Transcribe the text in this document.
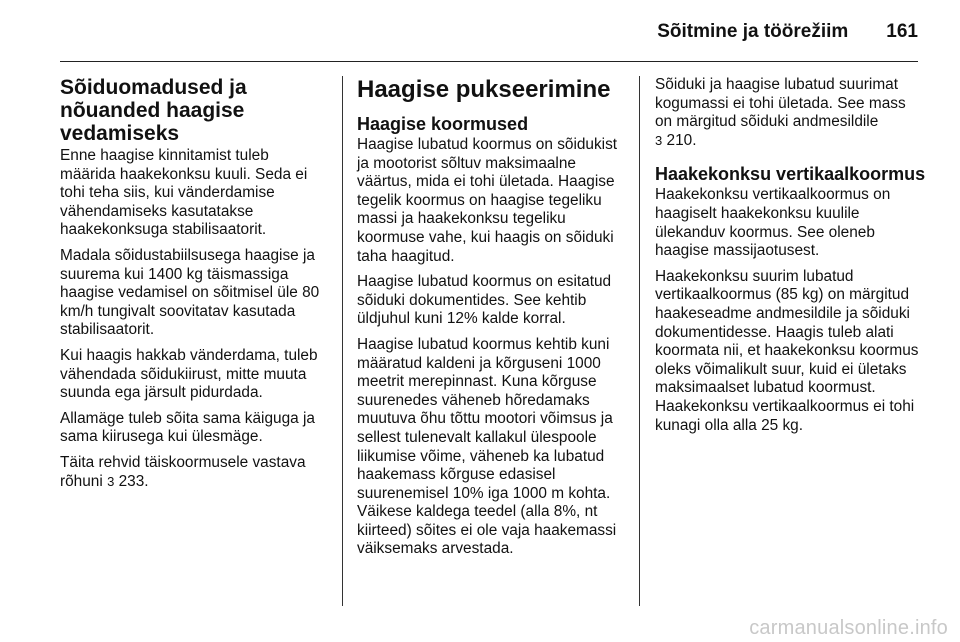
Sõitmine ja töörežiim 161
Sõiduomadused ja nõuanded haagise vedamiseks

Enne haagise kinnitamist tuleb määrida haakekonksu kuuli. Seda ei tohi teha siis, kui vänderdamise vähendamiseks kasutatakse haakekonksuga stabilisaatorit.

Madala sõidustabiilsusega haagise ja suurema kui 1400 kg täismassiga haagise vedamisel on sõitmisel üle 80 km/h tungivalt soovitatav kasutada stabilisaatorit.

Kui haagis hakkab vänderdama, tuleb vähendada sõidukiirust, mitte muuta suunda ega järsult pidurdada.

Allamäge tuleb sõita sama käiguga ja sama kiirusega kui ülesmäge.

Täita rehvid täiskoormusele vastava rõhuni 3 233.

Haagise pukseerimine
Haagise koormused

Haagise lubatud koormus on sõidukist ja mootorist sõltuv maksimaalne väärtus, mida ei tohi ületada. Haagise tegelik koormus on haagise tegeliku massi ja haakekonksu tegeliku koormuse vahe, kui haagis on sõiduki taha haagitud.

Haagise lubatud koormus on esitatud sõiduki dokumentides. See kehtib üldjuhul kuni 12% kalde korral.

Haagise lubatud koormus kehtib kuni määratud kaldeni ja kõrguseni 1000 meetrit merepinnast. Kuna kõrguse suurenedes väheneb hõredamaks muutuva õhu tõttu mootori võimsus ja sellest tulenevalt kallakul ülespoole liikumise võime, väheneb ka lubatud haakemass kõrguse edasisel suurenemisel 10% iga 1000 m kohta. Väikese kaldega teedel (alla 8%, nt kiirteed) sõites ei ole vaja haakemassi väiksemaks arvestada.

Sõiduki ja haagise lubatud suurimat kogumassi ei tohi ületada. See mass on märgitud sõiduki andmesildile
3 210.

Haakekonksu vertikaalkoormus

Haakekonksu vertikaalkoormus on haagiselt haakekonksu kuulile ülekanduv koormus. See oleneb haagise massijaotusest.

Haakekonksu suurim lubatud vertikaalkoormus (85 kg) on märgitud haakeseadme andmesildile ja sõiduki dokumentidesse. Haagis tuleb alati koormata nii, et haakekonksu koormus oleks võimalikult suur, kuid ei ületaks maksimaalset lubatud koormust. Haakekonksu vertikaalkoormus ei tohi kunagi olla alla 25 kg.

carmanualsonline.info
